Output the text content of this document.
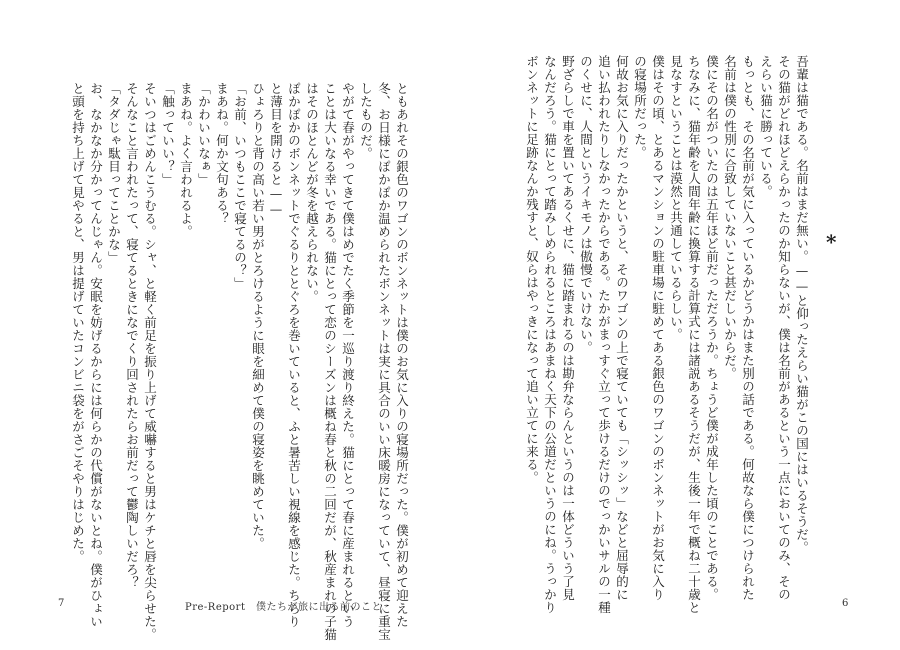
ともあれその銀色のワゴンのボンネットは僕のお気に入りの寝場所だった。僕が初めて迎えた
冬、お日様にぽかぽか温められたボンネットは実に具合のいい床暖房になっていて、昼寝に重宝
したものだ。
やがて春がやってきて僕はめでたく季節を一巡り渡り終えた。猫にとって春に産まれるという
ことは大いなる幸いである。猫にとって恋のシーズンは概ね春と秋の二回だが、秋産まれの子猫
はそのほとんどが冬を越えられない。
ぽかぽかのボンネットでぐるりととぐろを巻いていると、ふと暑苦しい視線を感じた。ちらり
と薄目を開けると——
ひょろりと背の高い若い男がとろけるように眼を細めて僕の寝姿を眺めていた。
「お前、いつもここで寝てるの？」
まあね。何か文句ある？
「かわいいなぁ」
まあね。よく言われるよ。
「触っていい？」
そいつはごめんこうむる。シャ、と軽く前足を振り上げて威嚇すると男はケチと唇を尖らせた。
そんなこと言われたって、寝てるときになでくり回されたらお前だって鬱陶しいだろ？
「タダじゃ駄目ってことかな」
お、なかなか分かってんじゃん。安眠を妨げるからには何らかの代償がないとね。僕がひょい
と頭を持ち上げて見やると、男は提げていたコンビニ袋をがさごそやりはじめた。	*
吾輩は猫である。名前はまだ無い。——と仰ったえらい猫がこの国にはいるそうだ。
その猫がどれほどえらかったのか知らないが、僕は名前があるという一点においてのみ、その
えらい猫に勝っている。
もっとも、その名前が気に入っているかどうかはまた別の話である。何故なら僕につけられた
名前は僕の性別に合致していないこと甚だしいからだ。
僕にその名がついたのは五年ほど前だっただろうか。ちょうど僕が成年した頃のことである。
ちなみに、猫年齢を人間年齢に換算する計算式には諸説あるそうだが、生後一年で概ね二十歳と
見なすということは漠然と共通しているらしい。
僕はその頃、とあるマンションの駐車場に駐めてある銀色のワゴンのボンネットがお気に入り
の寝場所だった。
何故お気に入りだったかというと、そのワゴンの上で寝ていても「シッシッ」などと屈辱的に
追い払われたりしなかったからである。たかがまっすぐ立って歩けるだけのでっかいサルの一種
のくせに、人間というイキモノは傲慢でいけない。
野ざらしで車を置いてあるくせに、猫に踏まれるのは勘弁ならんというのは一体どういう了見
なんだろう。猫にとって踏みしめられるところはあまねく天下の公道だというのにね。うっかり
ボンネットに足跡なんか残すと、奴らはやっきになって追い立てに来る。
7	Pre-Report　僕たちが旅に出る前のこと	6
